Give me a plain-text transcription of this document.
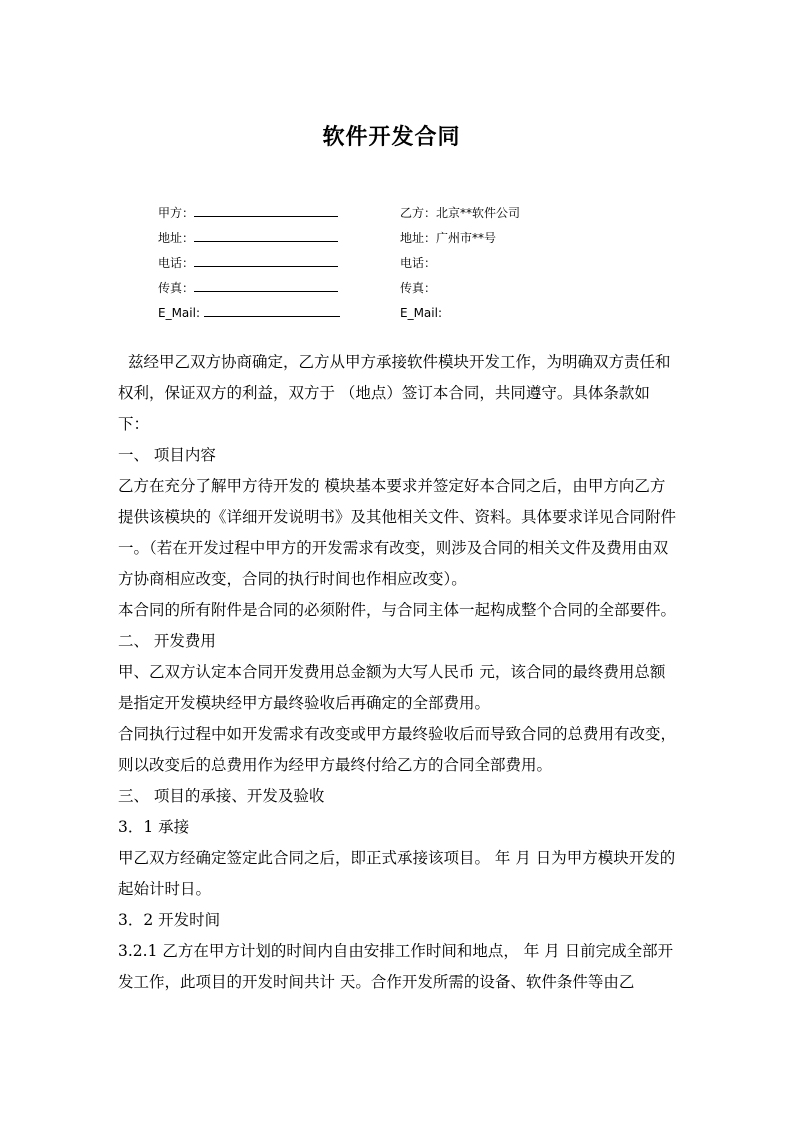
软件开发合同
甲方：	乙方：北京**软件公司
地址：	地址：广州市**号
电话：	电话：
传真：	传真：
E_Mail:	E_Mail:

兹经甲乙双方协商确定，乙方从甲方承接软件模块开发工作，为明确双方责任和权利，保证双方的利益，双方于 （地点）签订本合同，共同遵守。具体条款如下：

一、 项目内容

乙方在充分了解甲方待开发的 模块基本要求并签定好本合同之后，由甲方向乙方提供该模块的《详细开发说明书》及其他相关文件、资料。具体要求详见合同附件一。（若在开发过程中甲方的开发需求有改变，则涉及合同的相关文件及费用由双方协商相应改变，合同的执行时间也作相应改变）。

本合同的所有附件是合同的必须附件，与合同主体一起构成整个合同的全部要件。

二、 开发费用

甲、乙双方认定本合同开发费用总金额为大写人民币 元，该合同的最终费用总额是指定开发模块经甲方最终验收后再确定的全部费用。

合同执行过程中如开发需求有改变或甲方最终验收后而导致合同的总费用有改变，则以改变后的总费用作为经甲方最终付给乙方的合同全部费用。

三、 项目的承接、开发及验收

3．1 承接

甲乙双方经确定签定此合同之后，即正式承接该项目。 年 月 日为甲方模块开发的起始计时日。

3．2 开发时间

3.2.1 乙方在甲方计划的时间内自由安排工作时间和地点， 年 月 日前完成全部开发工作，此项目的开发时间共计 天。合作开发所需的设备、软件条件等由乙
